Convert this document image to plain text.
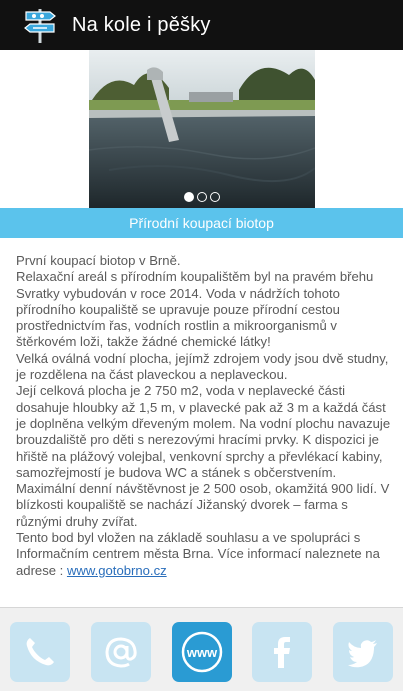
Na kole i pěšky
Přírodní koupací biotop

První koupací biotop v Brně.

Relaxační areál s přírodním koupalištěm byl na pravém břehu Svratky vybudován v roce 2014. Voda v nádržích tohoto přírodního koupaliště se upravuje pouze přírodní cestou prostřednictvím řas, vodních rostlin a mikroorganismů v štěrkovém loži, takže žádné chemické látky!

Velká oválná vodní plocha, jejímž zdrojem vody jsou dvě studny, je rozdělena na část plaveckou a neplaveckou.

Její celková plocha je 2 750 m2, voda v neplavecké části dosahuje hloubky až 1,5 m, v plavecké pak až 3 m a každá část je doplněna velkým dřeveným molem. Na vodní plochu navazuje brouzdaliště pro děti s nerezovými hracími prvky. K dispozici je hřiště na plážový volejbal, venkovní sprchy a převlékací kabiny, samozřejmostí je budova WC a stánek s občerstvením.

Maximální denní návštěvnost je 2 500 osob, okamžitá 900 lidí. V blízkosti koupaliště se nachází Jižanský dvorek – farma s různými druhy zvířat.

Tento bod byl vložen na základě souhlasu a ve spolupráci s Informačním centrem města Brna. Více informací naleznete na adrese : www.gotobrno.cz

www
